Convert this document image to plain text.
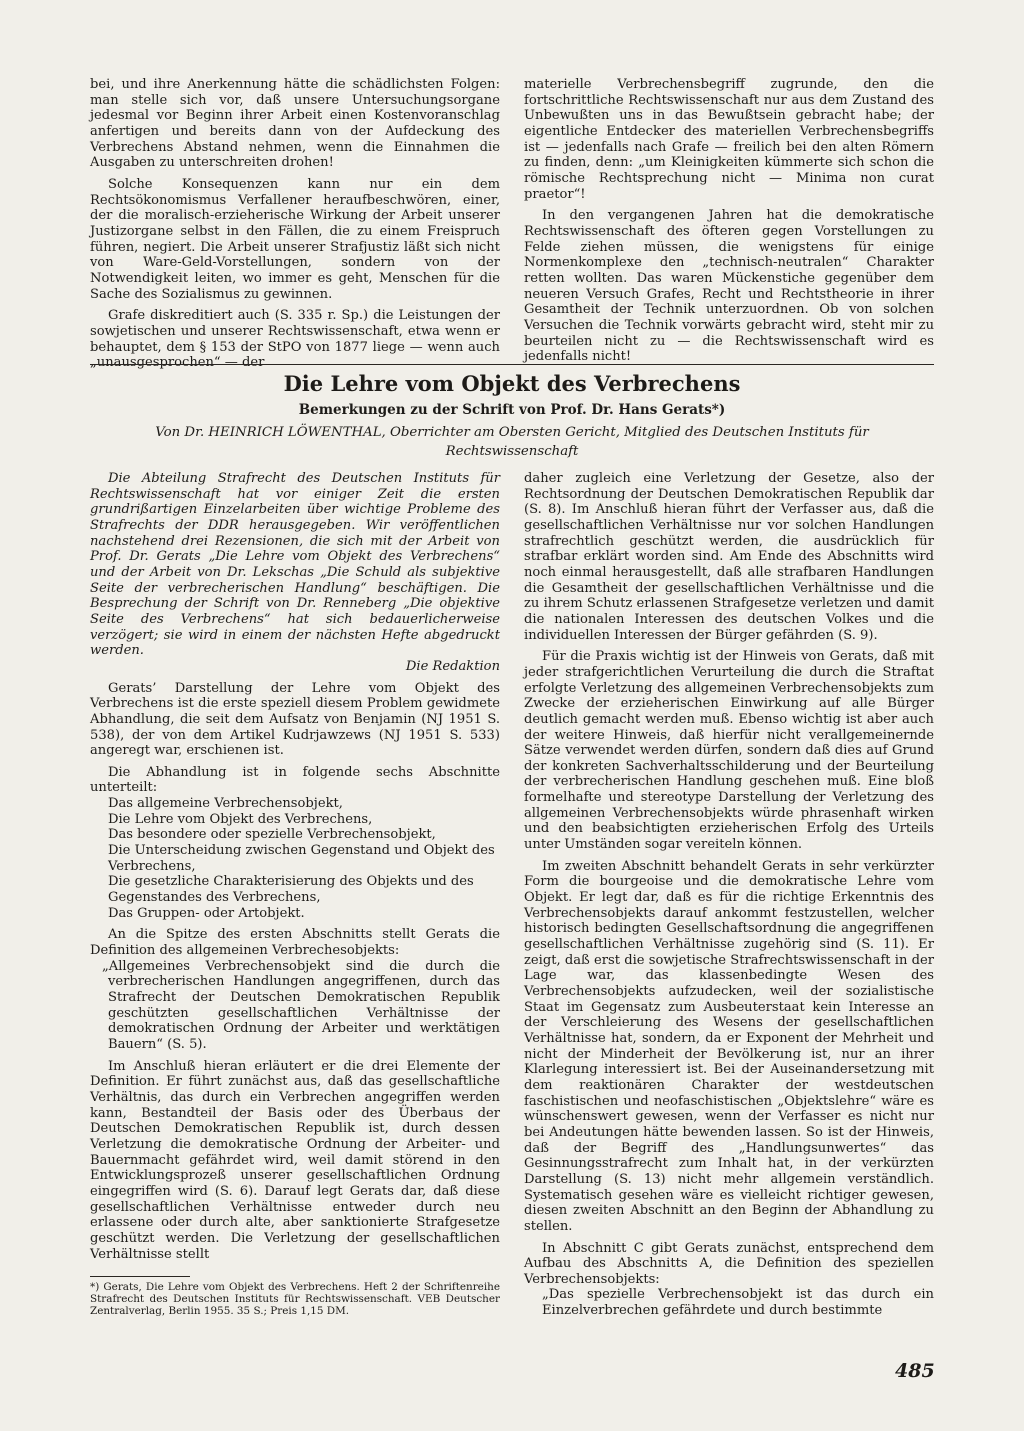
bei, und ihre Anerkennung hätte die schädlichsten Folgen: man stelle sich vor, daß unsere Untersuchungsorgane jedesmal vor Beginn ihrer Arbeit einen Kostenvoranschlag anfertigen und bereits dann von der Aufdeckung des Verbrechens Abstand nehmen, wenn die Einnahmen die Ausgaben zu unterschreiten drohen!

Solche Konsequenzen kann nur ein dem Rechtsökonomismus Verfallener heraufbeschwören, einer, der die moralisch-erzieherische Wirkung der Arbeit unserer Justizorgane selbst in den Fällen, die zu einem Freispruch führen, negiert. Die Arbeit unserer Strafjustiz läßt sich nicht von Ware-Geld-Vorstellungen, sondern von der Notwendigkeit leiten, wo immer es geht, Menschen für die Sache des Sozialismus zu gewinnen.

Grafe diskreditiert auch (S. 335 r. Sp.) die Leistungen der sowjetischen und unserer Rechtswissenschaft, etwa wenn er behauptet, dem § 153 der StPO von 1877 liege — wenn auch „unausgesprochen“ — der

materielle Verbrechensbegriff zugrunde, den die fortschrittliche Rechtswissenschaft nur aus dem Zustand des Unbewußten uns in das Bewußtsein gebracht habe; der eigentliche Entdecker des materiellen Verbrechensbegriffs ist — jedenfalls nach Grafe — freilich bei den alten Römern zu finden, denn: „um Kleinigkeiten kümmerte sich schon die römische Rechtsprechung nicht — Minima non curat praetor“!

In den vergangenen Jahren hat die demokratische Rechtswissenschaft des öfteren gegen Vorstellungen zu Felde ziehen müssen, die wenigstens für einige Normenkomplexe den „technisch-neutralen“ Charakter retten wollten. Das waren Mückenstiche gegenüber dem neueren Versuch Grafes, Recht und Rechtstheorie in ihrer Gesamtheit der Technik unterzuordnen. Ob von solchen Versuchen die Technik vorwärts gebracht wird, steht mir zu beurteilen nicht zu — die Rechtswissenschaft wird es jedenfalls nicht!

Die Lehre vom Objekt des Verbrechens
Bemerkungen zu der Schrift von Prof. Dr. Hans Gerats*)
Von Dr. HEINRICH LÖWENTHAL, Oberrichter am Obersten Gericht, Mitglied des Deutschen Instituts für Rechtswissenschaft

Die Abteilung Strafrecht des Deutschen Instituts für Rechtswissenschaft hat vor einiger Zeit die ersten grundrißartigen Einzelarbeiten über wichtige Probleme des Strafrechts der DDR herausgegeben. Wir veröffentlichen nachstehend drei Rezensionen, die sich mit der Arbeit von Prof. Dr. Gerats „Die Lehre vom Objekt des Verbrechens“ und der Arbeit von Dr. Lekschas „Die Schuld als subjektive Seite der verbrecherischen Handlung“ beschäftigen. Die Besprechung der Schrift von Dr. Renneberg „Die objektive Seite des Verbrechens“ hat sich bedauerlicherweise verzögert; sie wird in einem der nächsten Hefte abgedruckt werden.

Die Redaktion

Gerats’ Darstellung der Lehre vom Objekt des Verbrechens ist die erste speziell diesem Problem gewidmete Abhandlung, die seit dem Aufsatz von Benjamin (NJ 1951 S. 538), der von dem Artikel Kudrjawzews (NJ 1951 S. 533) angeregt war, erschienen ist.

Die Abhandlung ist in folgende sechs Abschnitte unterteilt:

Das allgemeine Verbrechensobjekt,
Die Lehre vom Objekt des Verbrechens,
Das besondere oder spezielle Verbrechensobjekt,
Die Unterscheidung zwischen Gegenstand und Objekt des Verbrechens,
Die gesetzliche Charakterisierung des Objekts und des Gegenstandes des Verbrechens,
Das Gruppen- oder Artobjekt.

An die Spitze des ersten Abschnitts stellt Gerats die Definition des allgemeinen Verbrechesobjekts:

„Allgemeines Verbrechensobjekt sind die durch die verbrecherischen Handlungen angegriffenen, durch das Strafrecht der Deutschen Demokratischen Republik geschützten gesellschaftlichen Verhältnisse der demokratischen Ordnung der Arbeiter und werktätigen Bauern“ (S. 5).

Im Anschluß hieran erläutert er die drei Elemente der Definition. Er führt zunächst aus, daß das gesellschaftliche Verhältnis, das durch ein Verbrechen angegriffen werden kann, Bestandteil der Basis oder des Überbaus der Deutschen Demokratischen Republik ist, durch dessen Verletzung die demokratische Ordnung der Arbeiter- und Bauernmacht gefährdet wird, weil damit störend in den Entwicklungsprozeß unserer gesellschaftlichen Ordnung eingegriffen wird (S. 6). Darauf legt Gerats dar, daß diese gesellschaftlichen Verhältnisse entweder durch neu erlassene oder durch alte, aber sanktionierte Strafgesetze geschützt werden. Die Verletzung der gesellschaftlichen Verhältnisse stellt

*) Gerats, Die Lehre vom Objekt des Verbrechens. Heft 2 der Schriftenreihe Strafrecht des Deutschen Instituts für Rechtswissenschaft. VEB Deutscher Zentralverlag, Berlin 1955. 35 S.; Preis 1,15 DM.

daher zugleich eine Verletzung der Gesetze, also der Rechtsordnung der Deutschen Demokratischen Republik dar (S. 8). Im Anschluß hieran führt der Verfasser aus, daß die gesellschaftlichen Verhältnisse nur vor solchen Handlungen strafrechtlich geschützt werden, die ausdrücklich für strafbar erklärt worden sind. Am Ende des Abschnitts wird noch einmal herausgestellt, daß alle strafbaren Handlungen die Gesamtheit der gesellschaftlichen Verhältnisse und die zu ihrem Schutz erlassenen Strafgesetze verletzen und damit die nationalen Interessen des deutschen Volkes und die individuellen Interessen der Bürger gefährden (S. 9).

Für die Praxis wichtig ist der Hinweis von Gerats, daß mit jeder strafgerichtlichen Verurteilung die durch die Straftat erfolgte Verletzung des allgemeinen Verbrechensobjekts zum Zwecke der erzieherischen Einwirkung auf alle Bürger deutlich gemacht werden muß. Ebenso wichtig ist aber auch der weitere Hinweis, daß hierfür nicht verallgemeinernde Sätze verwendet werden dürfen, sondern daß dies auf Grund der konkreten Sachverhaltsschilderung und der Beurteilung der verbrecherischen Handlung geschehen muß. Eine bloß formelhafte und stereotype Darstellung der Verletzung des allgemeinen Verbrechensobjekts würde phrasenhaft wirken und den beabsichtigten erzieherischen Erfolg des Urteils unter Umständen sogar vereiteln können.

Im zweiten Abschnitt behandelt Gerats in sehr verkürzter Form die bourgeoise und die demokratische Lehre vom Objekt. Er legt dar, daß es für die richtige Erkenntnis des Verbrechensobjekts darauf ankommt festzustellen, welcher historisch bedingten Gesellschaftsordnung die angegriffenen gesellschaftlichen Verhältnisse zugehörig sind (S. 11). Er zeigt, daß erst die sowjetische Strafrechtswissenschaft in der Lage war, das klassenbedingte Wesen des Verbrechensobjekts aufzudecken, weil der sozialistische Staat im Gegensatz zum Ausbeuterstaat kein Interesse an der Verschleierung des Wesens der gesellschaftlichen Verhältnisse hat, sondern, da er Exponent der Mehrheit und nicht der Minderheit der Bevölkerung ist, nur an ihrer Klarlegung interessiert ist. Bei der Auseinandersetzung mit dem reaktionären Charakter der westdeutschen faschistischen und neofaschistischen „Objektslehre“ wäre es wünschenswert gewesen, wenn der Verfasser es nicht nur bei Andeutungen hätte bewenden lassen. So ist der Hinweis, daß der Begriff des „Handlungsunwertes“ das Gesinnungsstrafrecht zum Inhalt hat, in der verkürzten Darstellung (S. 13) nicht mehr allgemein verständlich. Systematisch gesehen wäre es vielleicht richtiger gewesen, diesen zweiten Abschnitt an den Beginn der Abhandlung zu stellen.

In Abschnitt C gibt Gerats zunächst, entsprechend dem Aufbau des Abschnitts A, die Definition des speziellen Verbrechensobjekts:

„Das spezielle Verbrechensobjekt ist das durch ein Einzelverbrechen gefährdete und durch bestimmte

485
